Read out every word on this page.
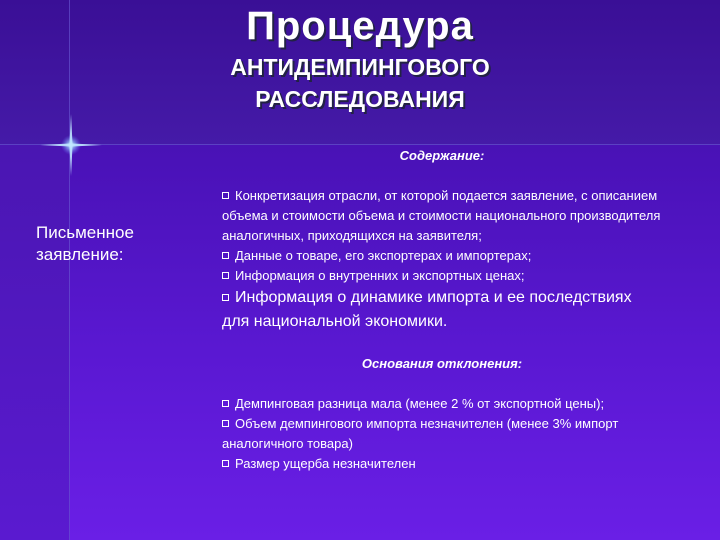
Процедура
АНТИДЕМПИНГОВОГО
РАССЛЕДОВАНИЯ
Письменное заявление:

Содержание:

Конкретизация отрасли, от которой подается заявление, с описанием объема и стоимости объема и стоимости национального производителя аналогичных, приходящихся на заявителя;

Данные о товаре, его экспортерах и импортерах;

Информация о внутренних и экспортных ценах;

Информация о динамике импорта и ее последствиях для национальной экономики.

Основания отклонения:

Демпинговая разница мала (менее 2 % от экспортной цены);

Объем демпингового импорта незначителен (менее 3% импорт аналогичного товара)

Размер ущерба незначителен
